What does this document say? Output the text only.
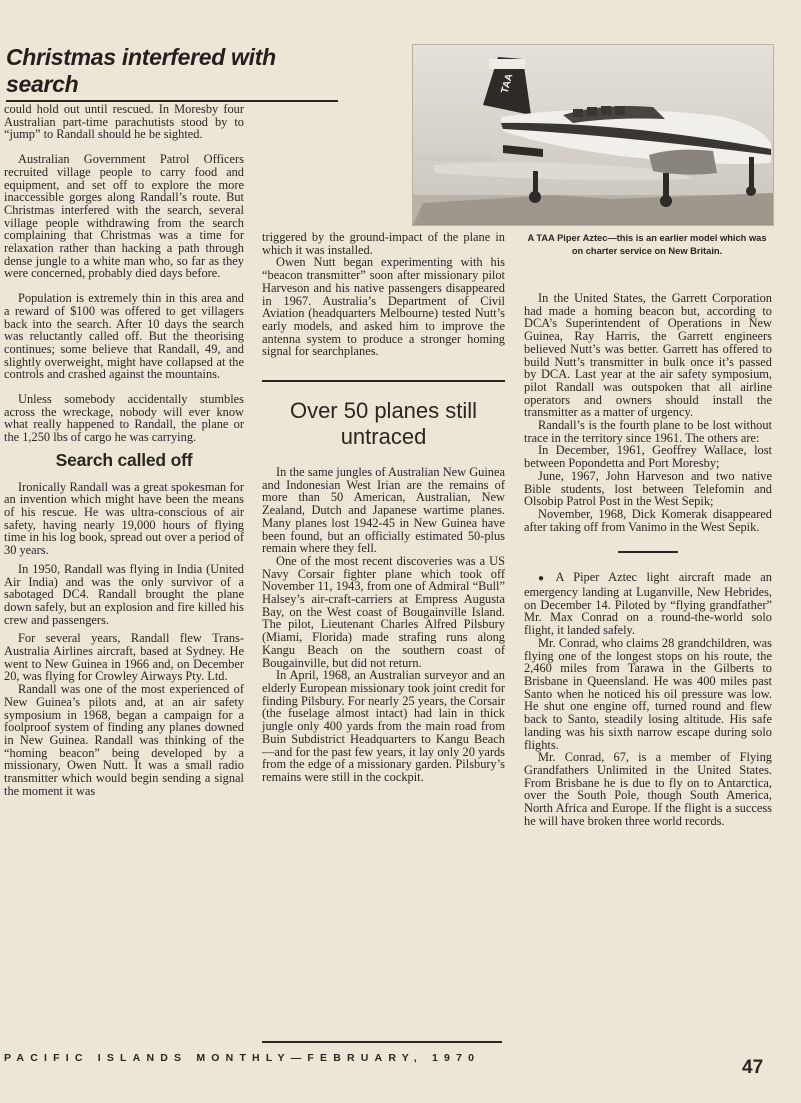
Christmas interfered with search	TAA
A TAA Piper Aztec—this is an earlier model which was on charter service on New Britain.

could hold out until rescued. In Moresby four Australian part-time parachutists stood by to “jump” to Randall should he be sighted.

Australian Government Patrol Officers recruited village people to carry food and equipment, and set off to explore the more inaccessible gorges along Randall’s route. But Christmas interfered with the search, several village people withdrawing from the search complaining that Christmas was a time for relaxation rather than hacking a path through dense jungle to a white man who, so far as they were concerned, probably died days before.

Population is extremely thin in this area and a reward of $100 was offered to get villagers back into the search. After 10 days the search was reluctantly called off. But the theorising continues; some believe that Randall, 49, and slightly overweight, might have collapsed at the controls and crashed against the mountains.

Unless somebody accidentally stumbles across the wreckage, nobody will ever know what really happened to Randall, the plane or the 1,250 lbs of cargo he was carrying.

Search called off

Ironically Randall was a great spokesman for an invention which might have been the means of his rescue. He was ultra-conscious of air safety, having nearly 19,000 hours of flying time in his log book, spread out over a period of 30 years.

In 1950, Randall was flying in India (United Air India) and was the only survivor of a sabotaged DC4. Randall brought the plane down safely, but an explosion and fire killed his crew and passengers.

For several years, Randall flew Trans-Australia Airlines aircraft, based at Sydney. He went to New Guinea in 1966 and, on December 20, was flying for Crowley Airways Pty. Ltd.

Randall was one of the most experienced of New Guinea’s pilots and, at an air safety symposium in 1968, began a campaign for a foolproof system of finding any planes downed in New Guinea. Randall was thinking of the “homing beacon” being developed by a missionary, Owen Nutt. It was a small radio transmitter which would begin sending a signal the moment it was

triggered by the ground-impact of the plane in which it was installed.

Owen Nutt began experimenting with his “beacon transmitter” soon after missionary pilot Harveson and his native passengers disappeared in 1967. Australia’s Department of Civil Aviation (headquarters Melbourne) tested Nutt’s early models, and asked him to improve the antenna system to produce a stronger homing signal for searchplanes.

Over 50 planes still untraced

In the same jungles of Australian New Guinea and Indonesian West Irian are the remains of more than 50 American, Australian, New Zealand, Dutch and Japanese wartime planes. Many planes lost 1942-45 in New Guinea have been found, but an officially estimated 50-plus remain where they fell.

One of the most recent discoveries was a US Navy Corsair fighter plane which took off November 11, 1943, from one of Admiral “Bull” Halsey’s air-craft-carriers at Empress Augusta Bay, on the West coast of Bougainville Island. The pilot, Lieutenant Charles Alfred Pilsbury (Miami, Florida) made strafing runs along Kangu Beach on the southern coast of Bougainville, but did not return.

In April, 1968, an Australian surveyor and an elderly European missionary took joint credit for finding Pilsbury. For nearly 25 years, the Corsair (the fuselage almost intact) had lain in thick jungle only 400 yards from the main road from Buin Subdistrict Headquarters to Kangu Beach—and for the past few years, it lay only 20 yards from the edge of a missionary garden. Pilsbury’s remains were still in the cockpit.

In the United States, the Garrett Corporation had made a homing beacon but, according to DCA’s Superintendent of Operations in New Guinea, Ray Harris, the Garrett engineers believed Nutt’s was better. Garrett has offered to build Nutt’s transmitter in bulk once it’s passed by DCA. Last year at the air safety symposium, pilot Randall was outspoken that all airline operators and owners should install the transmitter as a matter of urgency.

Randall’s is the fourth plane to be lost without trace in the territory since 1961. The others are:

In December, 1961, Geoffrey Wallace, lost between Popondetta and Port Moresby;

June, 1967, John Harveson and two native Bible students, lost between Telefomin and Olsobip Patrol Post in the West Sepik;

November, 1968, Dick Komerak disappeared after taking off from Vanimo in the West Sepik.

● A Piper Aztec light aircraft made an emergency landing at Luganville, New Hebrides, on December 14. Piloted by “flying grandfather” Mr. Max Conrad on a round-the-world solo flight, it landed safely.

Mr. Conrad, who claims 28 grandchildren, was flying one of the longest stops on his route, the 2,460 miles from Tarawa in the Gilberts to Brisbane in Queensland. He was 400 miles past Santo when he noticed his oil pressure was low. He shut one engine off, turned round and flew back to Santo, steadily losing altitude. His safe landing was his sixth narrow escape during solo flights.

Mr. Conrad, 67, is a member of Flying Grandfathers Unlimited in the United States. From Brisbane he is due to fly on to Antarctica, over the South Pole, though South America, North Africa and Europe. If the flight is a success he will have broken three world records.

PACIFIC ISLANDS MONTHLY—FEBRUARY, 1970	47
